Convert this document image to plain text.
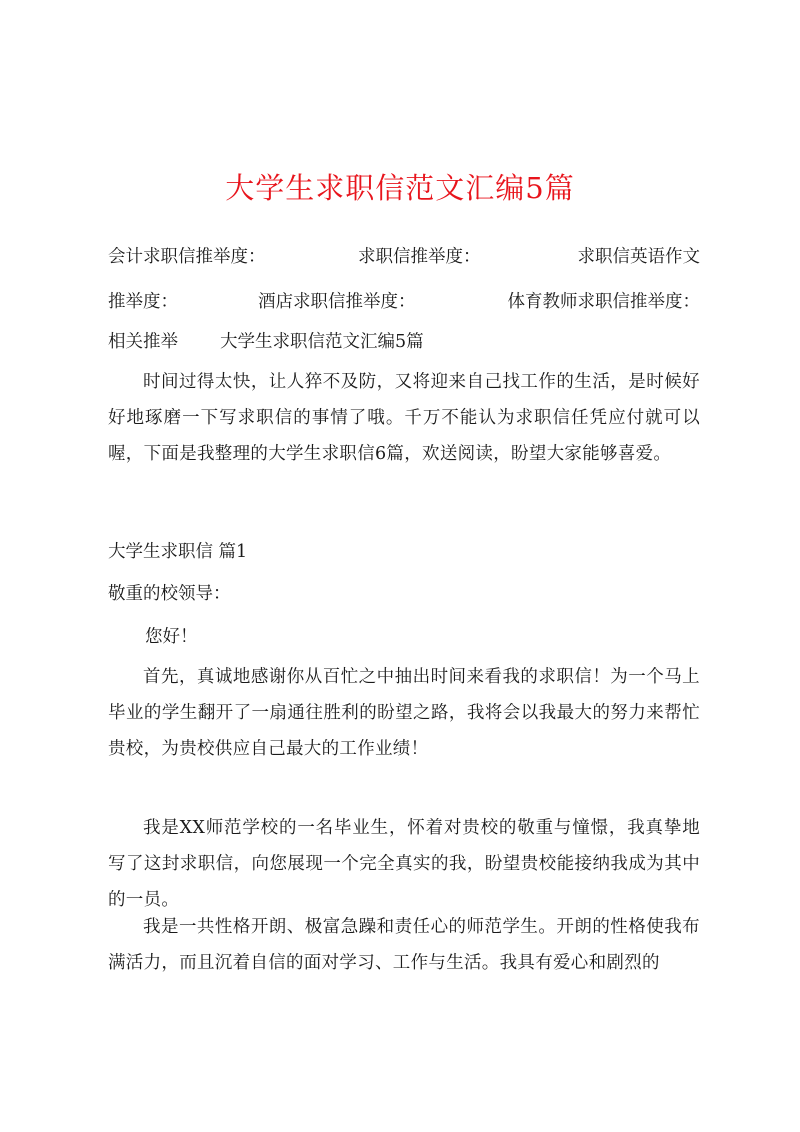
大学生求职信范文汇编5篇
会计求职信推举度：	求职信推举度：	求职信英语作文
推举度：	酒店求职信推举度：	体育教师求职信推举度：
相关推举 大学生求职信范文汇编5篇

时间过得太快，让人猝不及防，又将迎来自己找工作的生活，是时候好好地琢磨一下写求职信的事情了哦。千万不能认为求职信任凭应付就可以喔，下面是我整理的大学生求职信6篇，欢送阅读，盼望大家能够喜爱。

大学生求职信 篇1

敬重的校领导：

您好！

首先，真诚地感谢你从百忙之中抽出时间来看我的求职信！为一个马上毕业的学生翻开了一扇通往胜利的盼望之路，我将会以我最大的努力来帮忙贵校，为贵校供应自己最大的工作业绩！

我是XX师范学校的一名毕业生，怀着对贵校的敬重与憧憬，我真挚地写了这封求职信，向您展现一个完全真实的我，盼望贵校能接纳我成为其中的一员。

我是一共性格开朗、极富急躁和责任心的师范学生。开朗的性格使我布满活力，而且沉着自信的面对学习、工作与生活。我具有爱心和剧烈的
